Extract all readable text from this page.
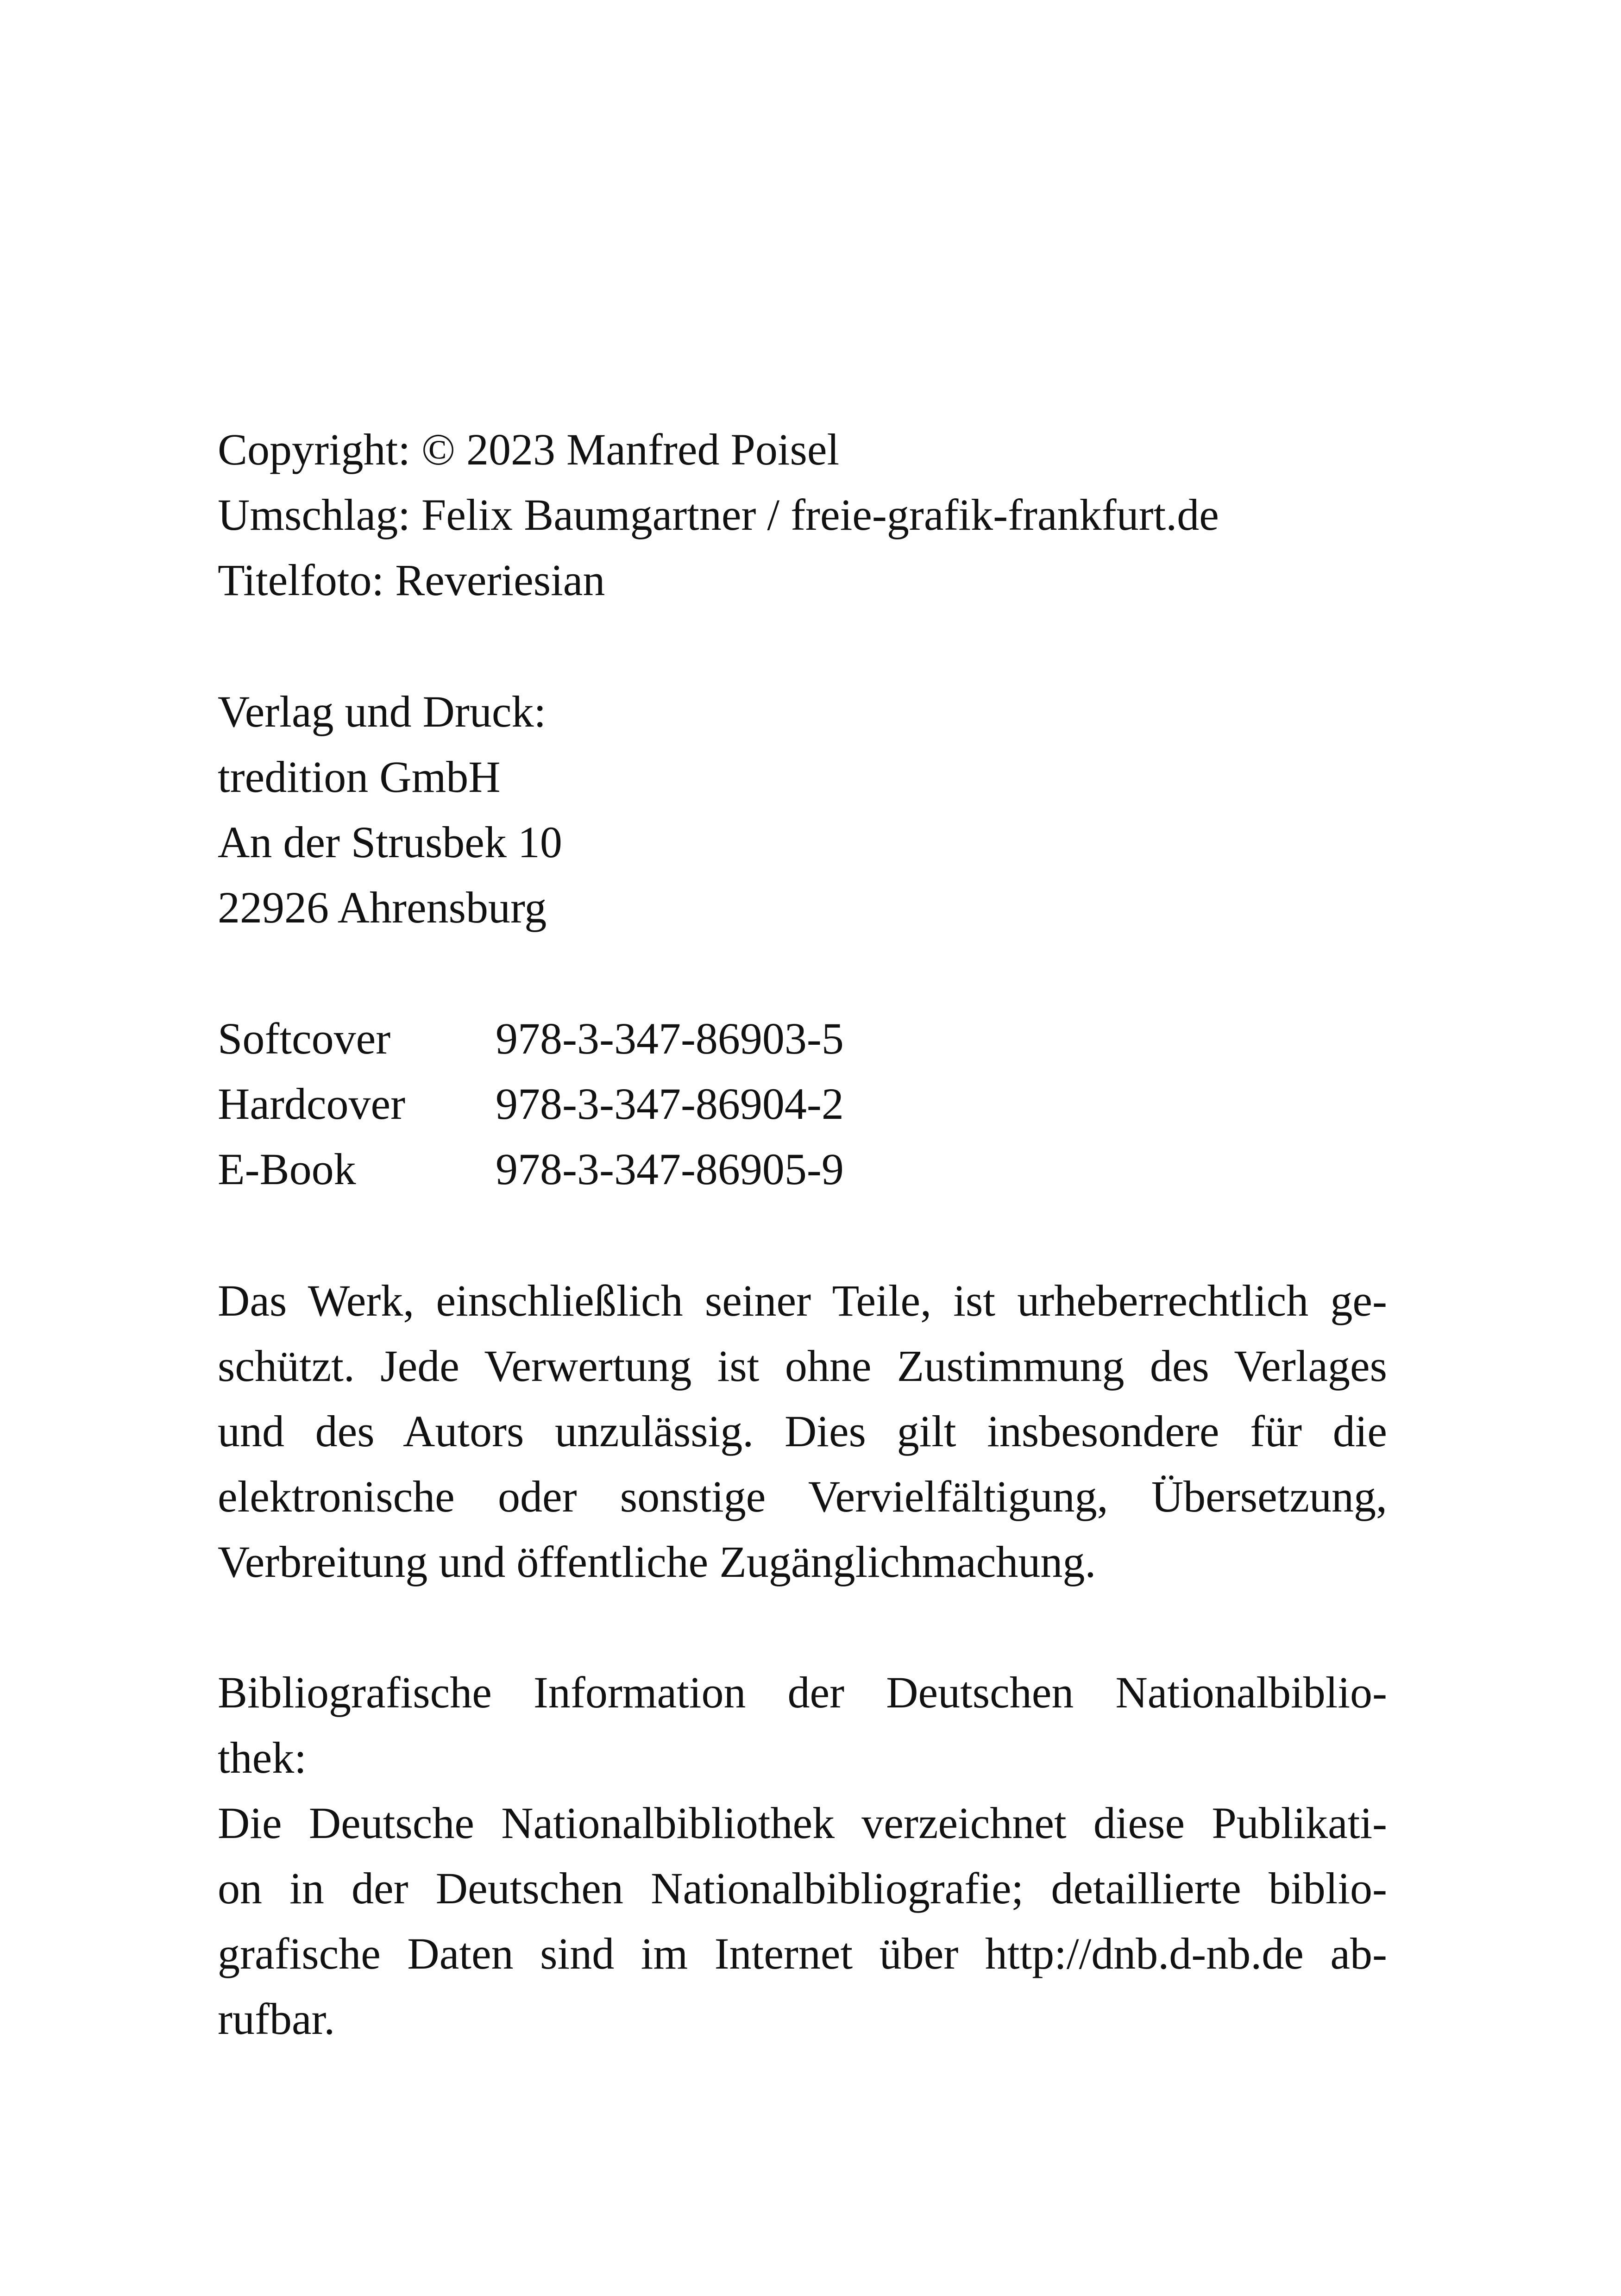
Copyright: © 2023 Manfred Poisel
Umschlag: Felix Baumgartner / freie-grafik-frankfurt.de
Titelfoto: Reveriesian
Verlag und Druck:
tredition GmbH
An der Strusbek 10
22926 Ahrensburg
Softcover	978-3-347-86903-5
Hardcover	978-3-347-86904-2
E-Book	978-3-347-86905-9
Das Werk, einschließlich seiner Teile, ist urheberrechtlich ge-
schützt. Jede Verwertung ist ohne Zustimmung des Verlages
und des Autors unzulässig. Dies gilt insbesondere für die
elektronische oder sonstige Vervielfältigung, Übersetzung,
Verbreitung und öffentliche Zugänglichmachung.
Bibliografische Information der Deutschen Nationalbiblio-
thek:
Die Deutsche Nationalbibliothek verzeichnet diese Publikati-
on in der Deutschen Nationalbibliografie; detaillierte biblio-
grafische Daten sind im Internet über http://dnb.d-nb.de ab-
rufbar.
